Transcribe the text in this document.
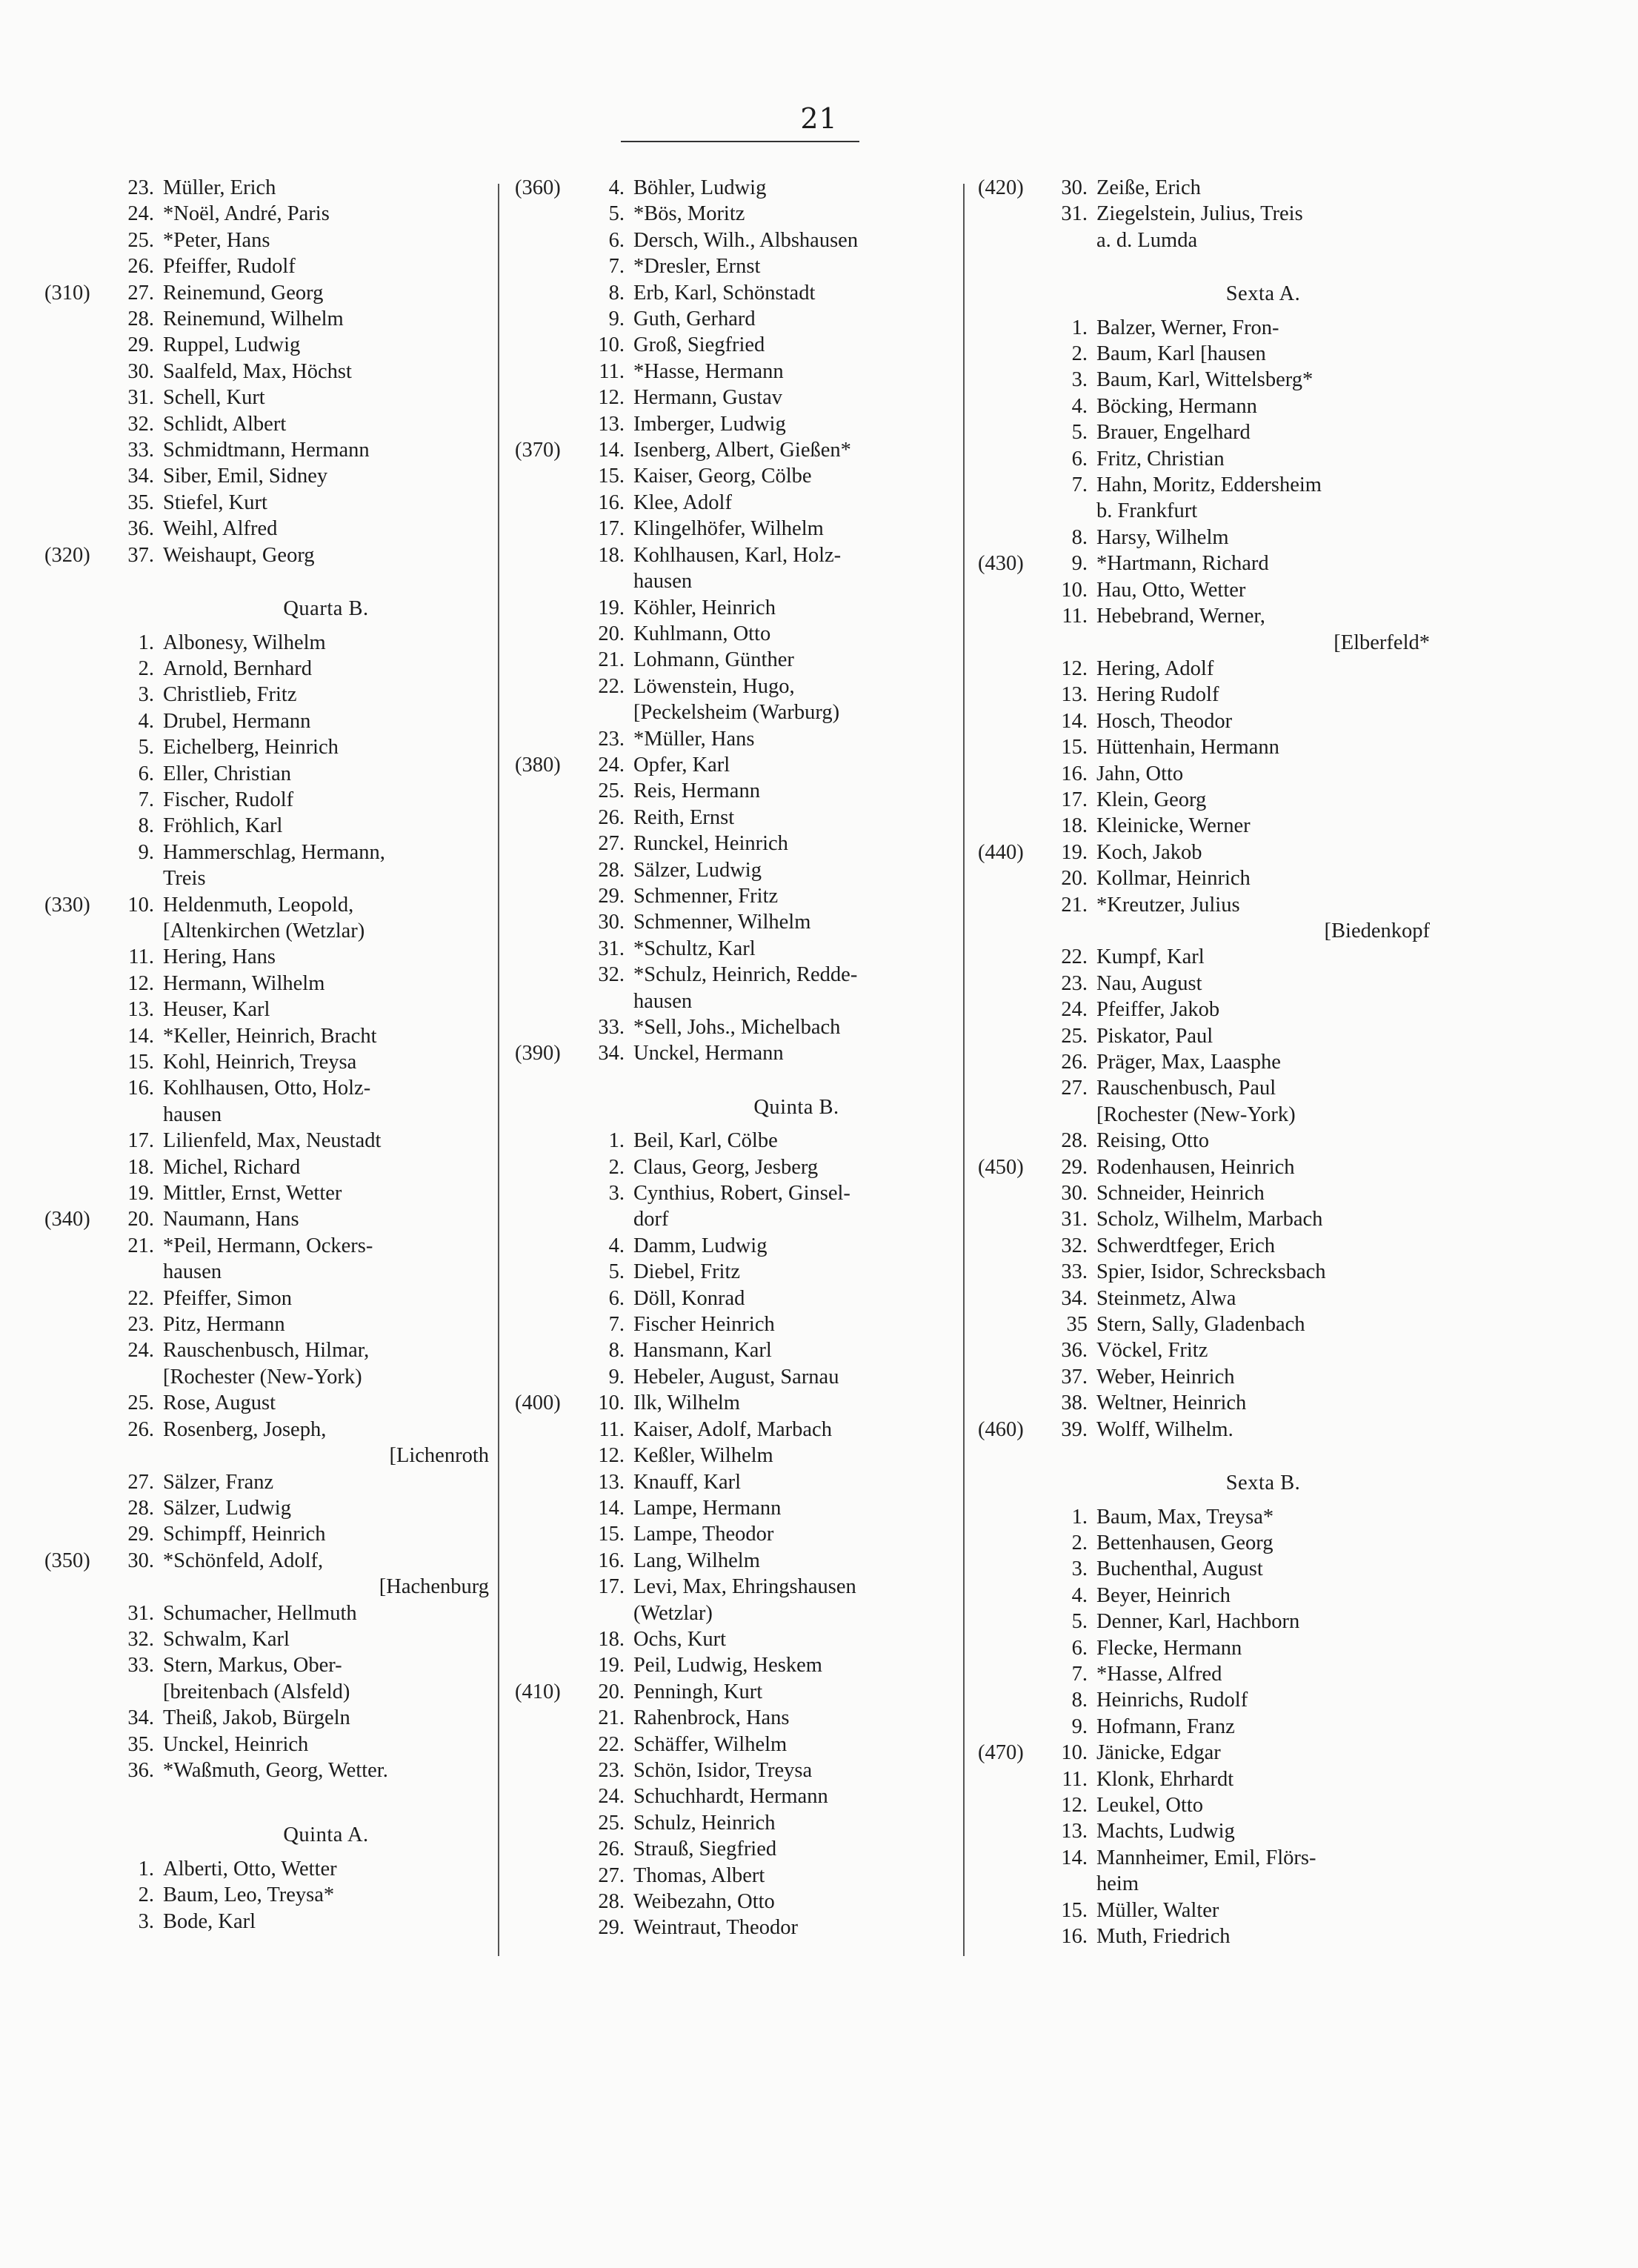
21
23. Müller, Erich
24. *Noël, André, Paris
25. *Peter, Hans
26. Pfeiffer, Rudolf
(310)	27. Reinemund, Georg
28. Reinemund, Wilhelm
29. Ruppel, Ludwig
30. Saalfeld, Max, Höchst
31. Schell, Kurt
32. Schlidt, Albert
33. Schmidtmann, Hermann
34. Siber, Emil, Sidney
35. Stiefel, Kurt
36. Weihl, Alfred
(320)	37. Weishaupt, Georg
Quarta B.
1. Albonesy, Wilhelm
2. Arnold, Bernhard
3. Christlieb, Fritz
4. Drubel, Hermann
5. Eichelberg, Heinrich
6. Eller, Christian
7. Fischer, Rudolf
8. Fröhlich, Karl
9. Hammerschlag, Hermann,
Treis
(330)	10. Heldenmuth, Leopold,
[Altenkirchen (Wetzlar)
11. Hering, Hans
12. Hermann, Wilhelm
13. Heuser, Karl
14. *Keller, Heinrich, Bracht
15. Kohl, Heinrich, Treysa
16. Kohlhausen, Otto, Holz-
hausen
17. Lilienfeld, Max, Neustadt
18. Michel, Richard
19. Mittler, Ernst, Wetter
(340)	20. Naumann, Hans
21. *Peil, Hermann, Ockers-
hausen
22. Pfeiffer, Simon
23. Pitz, Hermann
24. Rauschenbusch, Hilmar,
[Rochester (New-York)
25. Rose, August
26. Rosenberg, Joseph,
[Lichenroth
27. Sälzer, Franz
28. Sälzer, Ludwig
29. Schimpff, Heinrich
(350)	30. *Schönfeld, Adolf,
[Hachenburg
31. Schumacher, Hellmuth
32. Schwalm, Karl
33. Stern, Markus, Ober-
[breitenbach (Alsfeld)
34. Theiß, Jakob, Bürgeln
35. Unckel, Heinrich
36. *Waßmuth, Georg, Wetter.
Quinta A.
1. Alberti, Otto, Wetter
2. Baum, Leo, Treysa*
3. Bode, Karl
(360)	4. Böhler, Ludwig
5. *Bös, Moritz
6. Dersch, Wilh., Albshausen
7. *Dresler, Ernst
8. Erb, Karl, Schönstadt
9. Guth, Gerhard
10. Groß, Siegfried
11. *Hasse, Hermann
12. Hermann, Gustav
13. Imberger, Ludwig
(370)	14. Isenberg, Albert, Gießen*
15. Kaiser, Georg, Cölbe
16. Klee, Adolf
17. Klingelhöfer, Wilhelm
18. Kohlhausen, Karl, Holz-
hausen
19. Köhler, Heinrich
20. Kuhlmann, Otto
21. Lohmann, Günther
22. Löwenstein, Hugo,
[Peckelsheim (Warburg)
23. *Müller, Hans
(380)	24. Opfer, Karl
25. Reis, Hermann
26. Reith, Ernst
27. Runckel, Heinrich
28. Sälzer, Ludwig
29. Schmenner, Fritz
30. Schmenner, Wilhelm
31. *Schultz, Karl
32. *Schulz, Heinrich, Redde-
hausen
33. *Sell, Johs., Michelbach
(390)	34. Unckel, Hermann
Quinta B.
1. Beil, Karl, Cölbe
2. Claus, Georg, Jesberg
3. Cynthius, Robert, Ginsel-
dorf
4. Damm, Ludwig
5. Diebel, Fritz
6. Döll, Konrad
7. Fischer Heinrich
8. Hansmann, Karl
9. Hebeler, August, Sarnau
(400)	10. Ilk, Wilhelm
11. Kaiser, Adolf, Marbach
12. Keßler, Wilhelm
13. Knauff, Karl
14. Lampe, Hermann
15. Lampe, Theodor
16. Lang, Wilhelm
17. Levi, Max, Ehringshausen
(Wetzlar)
18. Ochs, Kurt
19. Peil, Ludwig, Heskem
(410)	20. Penningh, Kurt
21. Rahenbrock, Hans
22. Schäffer, Wilhelm
23. Schön, Isidor, Treysa
24. Schuchhardt, Hermann
25. Schulz, Heinrich
26. Strauß, Siegfried
27. Thomas, Albert
28. Weibezahn, Otto
29. Weintraut, Theodor
(420)	30. Zeiße, Erich
31. Ziegelstein, Julius, Treis
a. d. Lumda
Sexta A.
1. Balzer, Werner, Fron-
2. Baum, Karl [hausen
3. Baum, Karl, Wittelsberg*
4. Böcking, Hermann
5. Brauer, Engelhard
6. Fritz, Christian
7. Hahn, Moritz, Eddersheim
b. Frankfurt
8. Harsy, Wilhelm
(430)	9. *Hartmann, Richard
10. Hau, Otto, Wetter
11. Hebebrand, Werner,
[Elberfeld*
12. Hering, Adolf
13. Hering Rudolf
14. Hosch, Theodor
15. Hüttenhain, Hermann
16. Jahn, Otto
17. Klein, Georg
18. Kleinicke, Werner
(440)	19. Koch, Jakob
20. Kollmar, Heinrich
21. *Kreutzer, Julius
[Biedenkopf
22. Kumpf, Karl
23. Nau, August
24. Pfeiffer, Jakob
25. Piskator, Paul
26. Präger, Max, Laasphe
27. Rauschenbusch, Paul
[Rochester (New-York)
28. Reising, Otto
(450)	29. Rodenhausen, Heinrich
30. Schneider, Heinrich
31. Scholz, Wilhelm, Marbach
32. Schwerdtfeger, Erich
33. Spier, Isidor, Schrecksbach
34. Steinmetz, Alwa
35 Stern, Sally, Gladenbach
36. Vöckel, Fritz
37. Weber, Heinrich
38. Weltner, Heinrich
(460)	39. Wolff, Wilhelm.
Sexta B.
1. Baum, Max, Treysa*
2. Bettenhausen, Georg
3. Buchenthal, August
4. Beyer, Heinrich
5. Denner, Karl, Hachborn
6. Flecke, Hermann
7. *Hasse, Alfred
8. Heinrichs, Rudolf
9. Hofmann, Franz
(470)	10. Jänicke, Edgar
11. Klonk, Ehrhardt
12. Leukel, Otto
13. Machts, Ludwig
14. Mannheimer, Emil, Flörs-
heim
15. Müller, Walter
16. Muth, Friedrich
